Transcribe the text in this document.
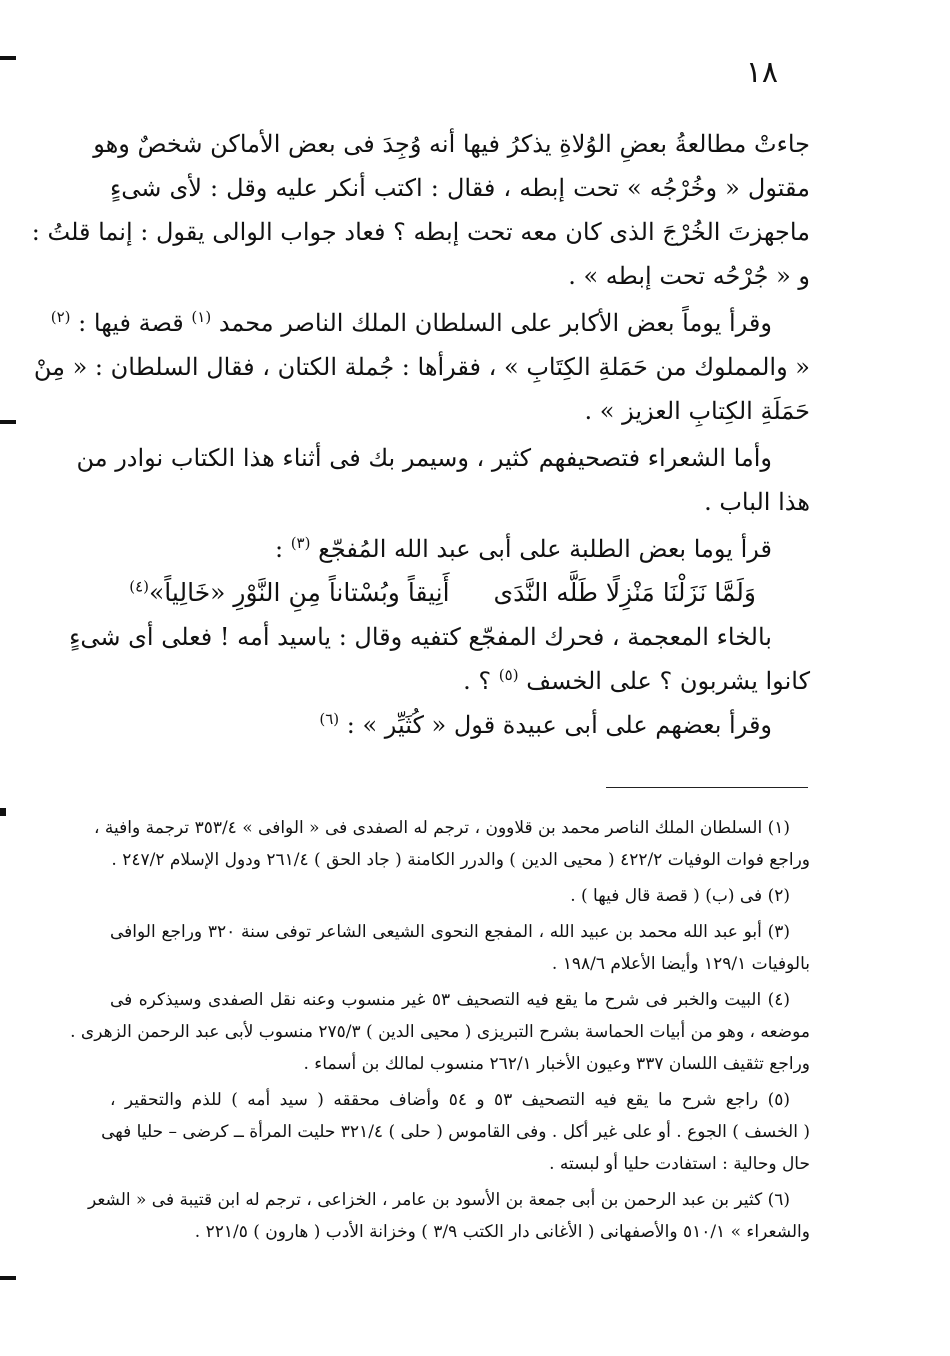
١٨
جاءتْ مطالعةُ بعضِ الوُلاةِ يذكرُ فيها أنه وُجِدَ فى بعض الأماكن شخصٌ وهو
مقتول « وخُرْجُه » تحت إبطه ، فقال : اكتب أنكر عليه وقل : لأى شىءٍ
ماجهزتَ الخُرْجَ الذى كان معه تحت إبطه ؟ فعاد جواب الوالى يقول : إنما قلتُ :
و « جُرْحُه تحت إبطه » .
وقرأ يوماً بعض الأكابر على السلطان الملك الناصر محمد $^{(١)}$ قصة فيها : $^{(٢)}$
« والمملوك من حَمَلةِ الكِتَابِ » ، فقرأها : جُملة الكتان ، فقال السلطان : « مِنْ
حَمَلَةِ الكِتابِ العزيز » .
وأما الشعراء فتصحيفهم كثير ، وسيمر بك فى أثناء هذا الكتاب نوادر من
هذا الباب .
قرأ يوما بعض الطلبة على أبى عبد الله المُفجّع $^{(٣)}$ :
وَلَمَّا نَزَلْنَا مَنْزِلًا طَلَّه النَّدَىأَنِيقاً وبُسْتاناً مِنِ النَّوْرِ «خَالِياً»$^{(٤)}$
بالخاء المعجمة ، فحرك المفجّع كتفيه وقال : ياسيد أمه ! فعلى أى شىءٍ
كانوا يشربون ؟ على الخسف $^{(٥)}$ ؟ .
وقرأ بعضهم على أبى عبيدة قول « كُثَيِّر » : $^{(٦)}$
(١) السلطان الملك الناصر محمد بن قلاوون ، ترجم له الصفدى فى « الوافى » ٣٥٣/٤ ترجمة وافية ،
وراجع فوات الوفيات ٤٢٢/٢ ( محيى الدين ) والدرر الكامنة ( جاد الحق ) ٢٦١/٤ ودول الإسلام ٢٤٧/٢ .
(٢) فى (ب) ( قصة قال فيها ) .
(٣) أبو عبد الله محمد بن عبيد الله ، المفجع النحوى الشيعى الشاعر توفى سنة ٣٢٠ وراجع الوافى
بالوفيات ١٢٩/١ وأيضا الأعلام ١٩٨/٦ .
(٤) البيت والخبر فى شرح ما يقع فيه التصحيف ٥٣ غير منسوب وعنه نقل الصفدى وسيذكره فى
موضعه ، وهو من أبيات الحماسة بشرح التبريزى ( محيى الدين ) ٢٧٥/٣ منسوب لأبى عبد الرحمن الزهرى .
وراجع تثقيف اللسان ٣٣٧ وعيون الأخبار ٢٦٢/١ منسوب لمالك بن أسماء .
(٥) راجع شرح ما يقع فيه التصحيف ٥٣ و ٥٤ وأضاف محققه ( سيد أمه ) للذم والتحقير ،
( الخسف ) الجوع . أو على غير أكل . وفى القاموس ( حلى ) ٣٢١/٤ حليت المرأة ــ كرضى – حليا فهى
حال وحالية : استفادت حليا أو لبسته .
(٦) كثير بن عبد الرحمن بن أبى جمعة بن الأسود بن عامر ، الخزاعى ، ترجم له ابن قتيبة فى « الشعر
والشعراء » ٥١٠/١ والأصفهانى ( الأغانى دار الكتب ٣/٩ ) وخزانة الأدب ( هارون ) ٢٢١/٥ .
